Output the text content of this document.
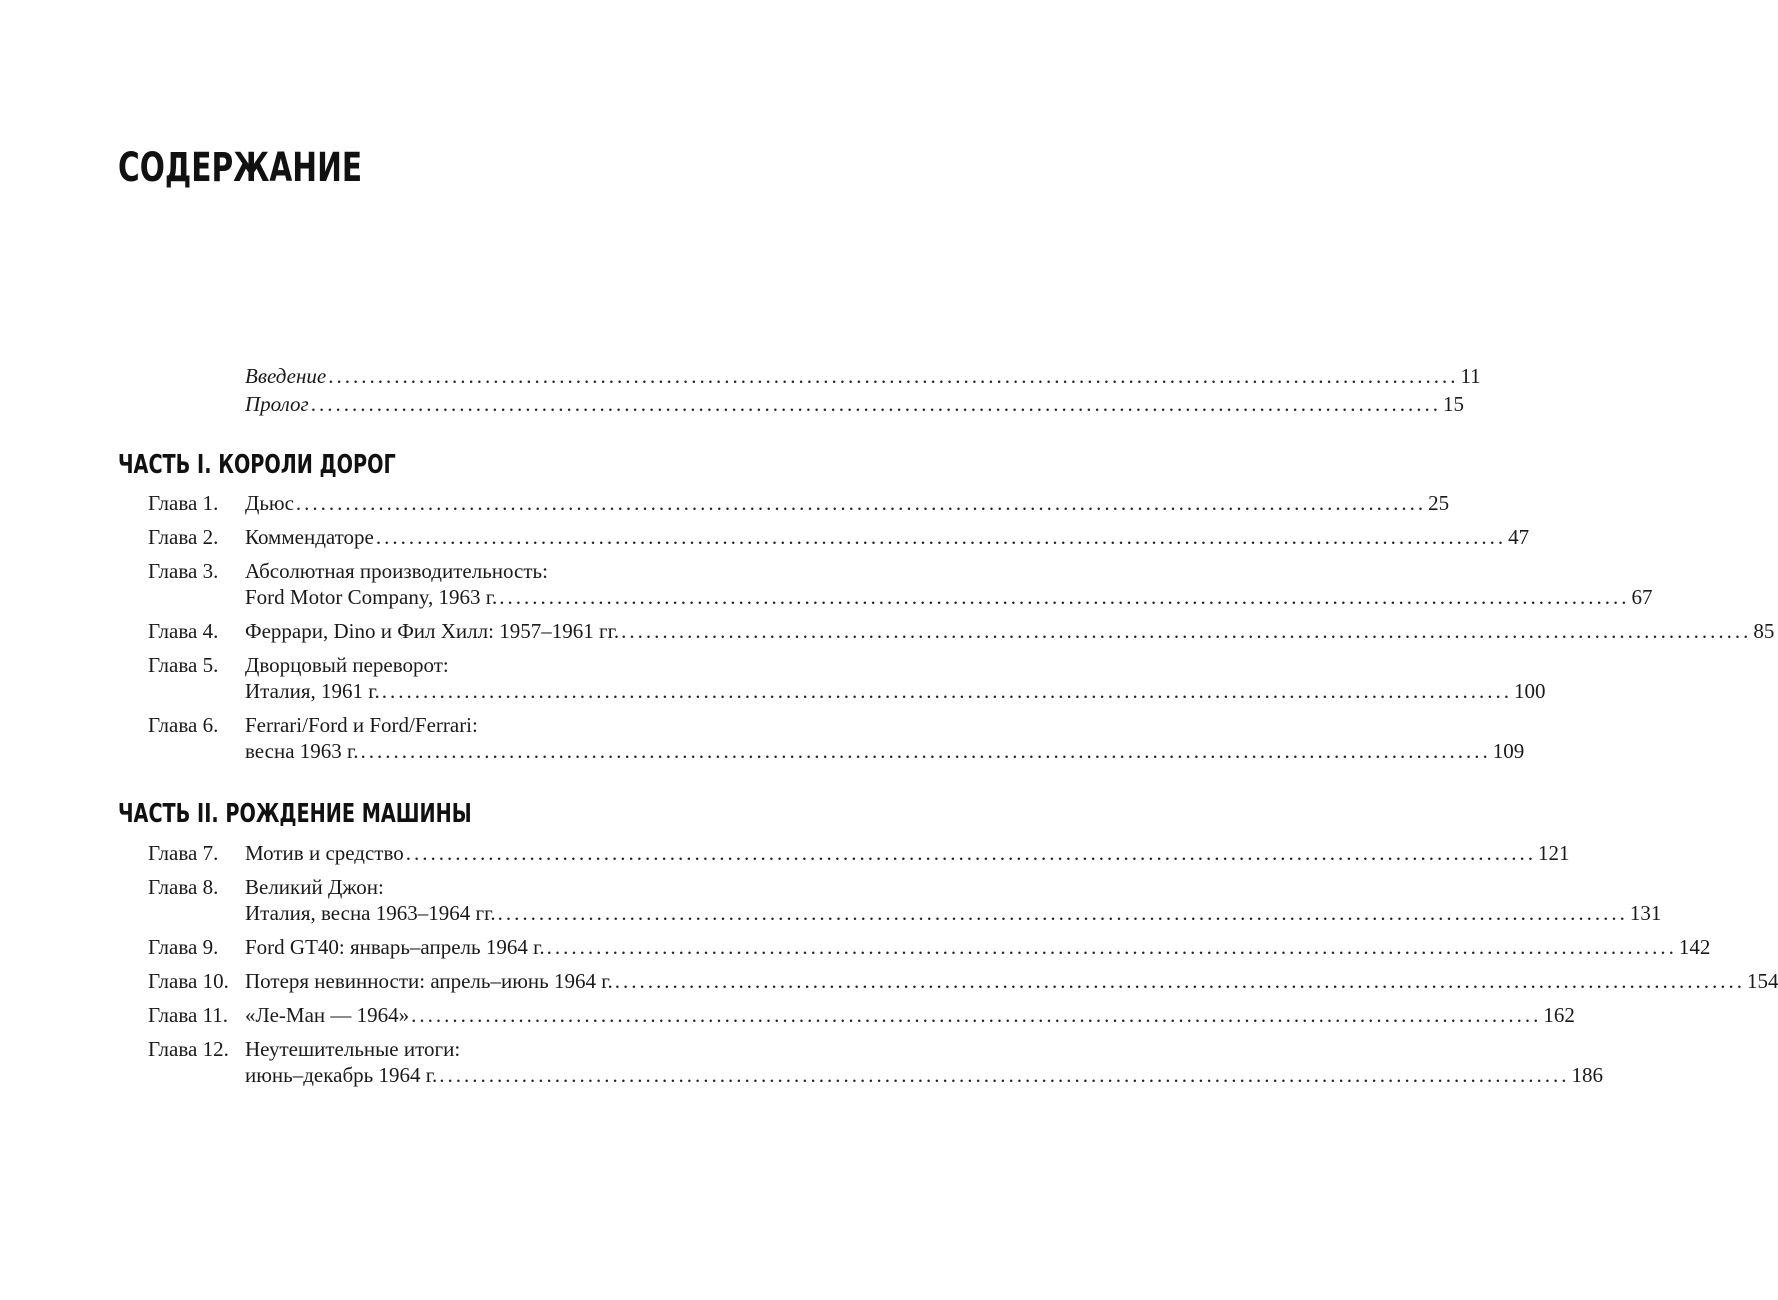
СОДЕРЖАНИЕ
Введение ......................................................................................................................................... 11
Пролог ......................................................................................................................................... 15
ЧАСТЬ I. КОРОЛИ ДОРОГ
Глава 1.	Дьюс ......................................................................................................................................... 25
Глава 2.	Коммендаторе ......................................................................................................................................... 47
Глава 3.	Абсолютная производительность:
Ford Motor Company, 1963 г. ......................................................................................................................................... 67
Глава 4.	Феррари, Dino и Фил Хилл: 1957–1961 гг. ......................................................................................................................................... 85
Глава 5.	Дворцовый переворот:
Италия, 1961 г. ......................................................................................................................................... 100
Глава 6.	Ferrari/Ford и Ford/Ferrari:
весна 1963 г. ......................................................................................................................................... 109
ЧАСТЬ II. РОЖДЕНИЕ МАШИНЫ
Глава 7.	Мотив и средство ......................................................................................................................................... 121
Глава 8.	Великий Джон:
Италия, весна 1963–1964 гг. ......................................................................................................................................... 131
Глава 9.	Ford GT40: январь–апрель 1964 г. ......................................................................................................................................... 142
Глава 10. Потеря невинности: апрель–июнь 1964 г. ......................................................................................................................................... 154
Глава 11. «Ле-Ман — 1964» ......................................................................................................................................... 162
Глава 12. Неутешительные итоги:
июнь–декабрь 1964 г. ......................................................................................................................................... 186
